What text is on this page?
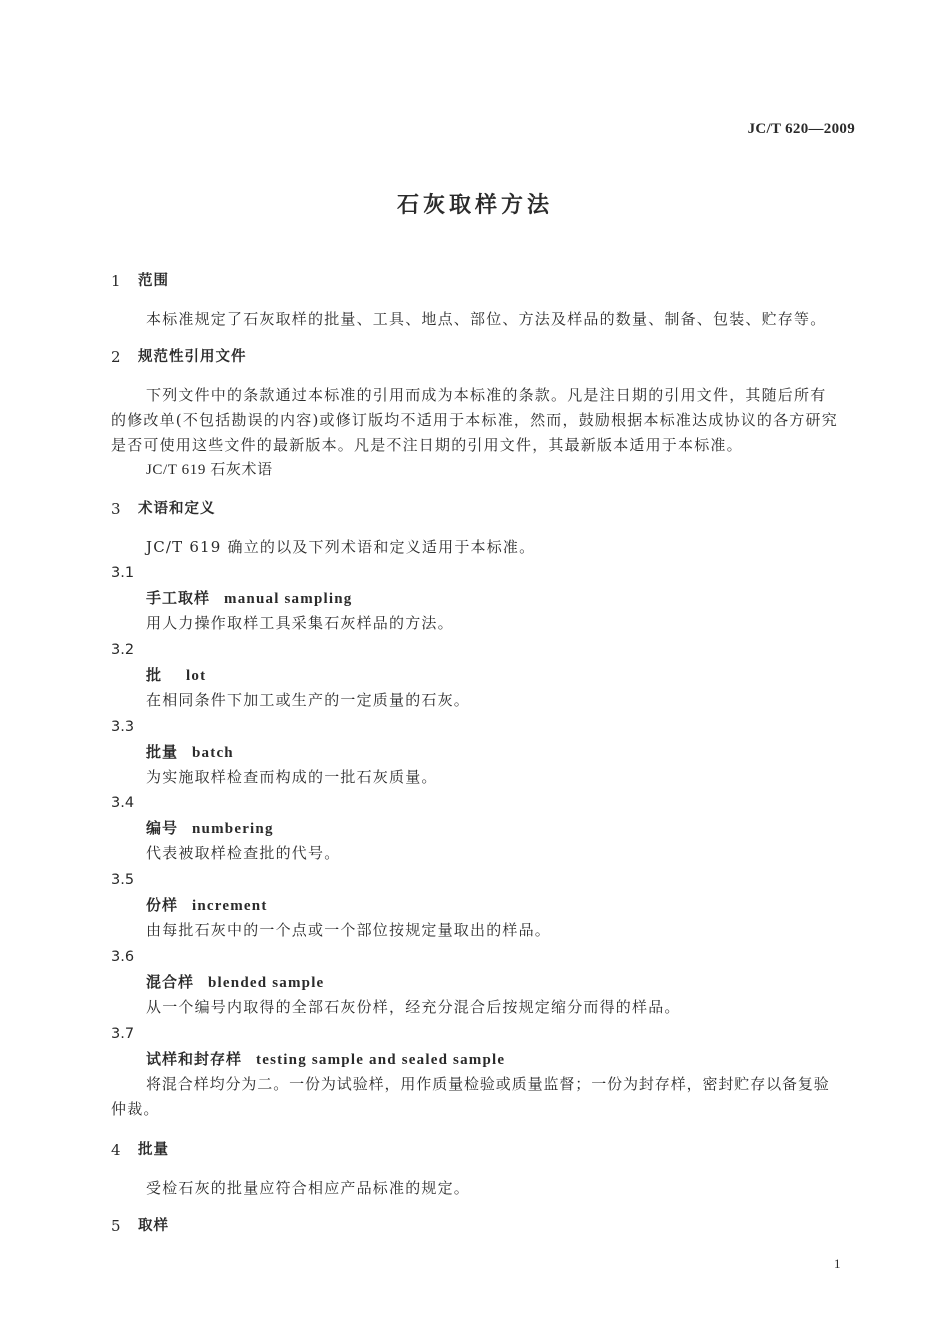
JC/T 620—2009
石灰取样方法
1 范围
本标准规定了石灰取样的批量、工具、地点、部位、方法及样品的数量、制备、包装、贮存等。
2 规范性引用文件
下列文件中的条款通过本标准的引用而成为本标准的条款。凡是注日期的引用文件，其随后所有
的修改单(不包括勘误的内容)或修订版均不适用于本标准，然而，鼓励根据本标准达成协议的各方研究
是否可使用这些文件的最新版本。凡是不注日期的引用文件，其最新版本适用于本标准。
JC/T 619 石灰术语
3 术语和定义
JC/T 619 确立的以及下列术语和定义适用于本标准。
3.1
手工取样 manual sampling
用人力操作取样工具采集石灰样品的方法。
3.2
批 lot
在相同条件下加工或生产的一定质量的石灰。
3.3
批量 batch
为实施取样检查而构成的一批石灰质量。
3.4
编号 numbering
代表被取样检查批的代号。
3.5
份样 increment
由每批石灰中的一个点或一个部位按规定量取出的样品。
3.6
混合样 blended sample
从一个编号内取得的全部石灰份样，经充分混合后按规定缩分而得的样品。
3.7
试样和封存样 testing sample and sealed sample
将混合样均分为二。一份为试验样，用作质量检验或质量监督；一份为封存样，密封贮存以备复验
仲裁。
4 批量
受检石灰的批量应符合相应产品标准的规定。
5 取样
1
